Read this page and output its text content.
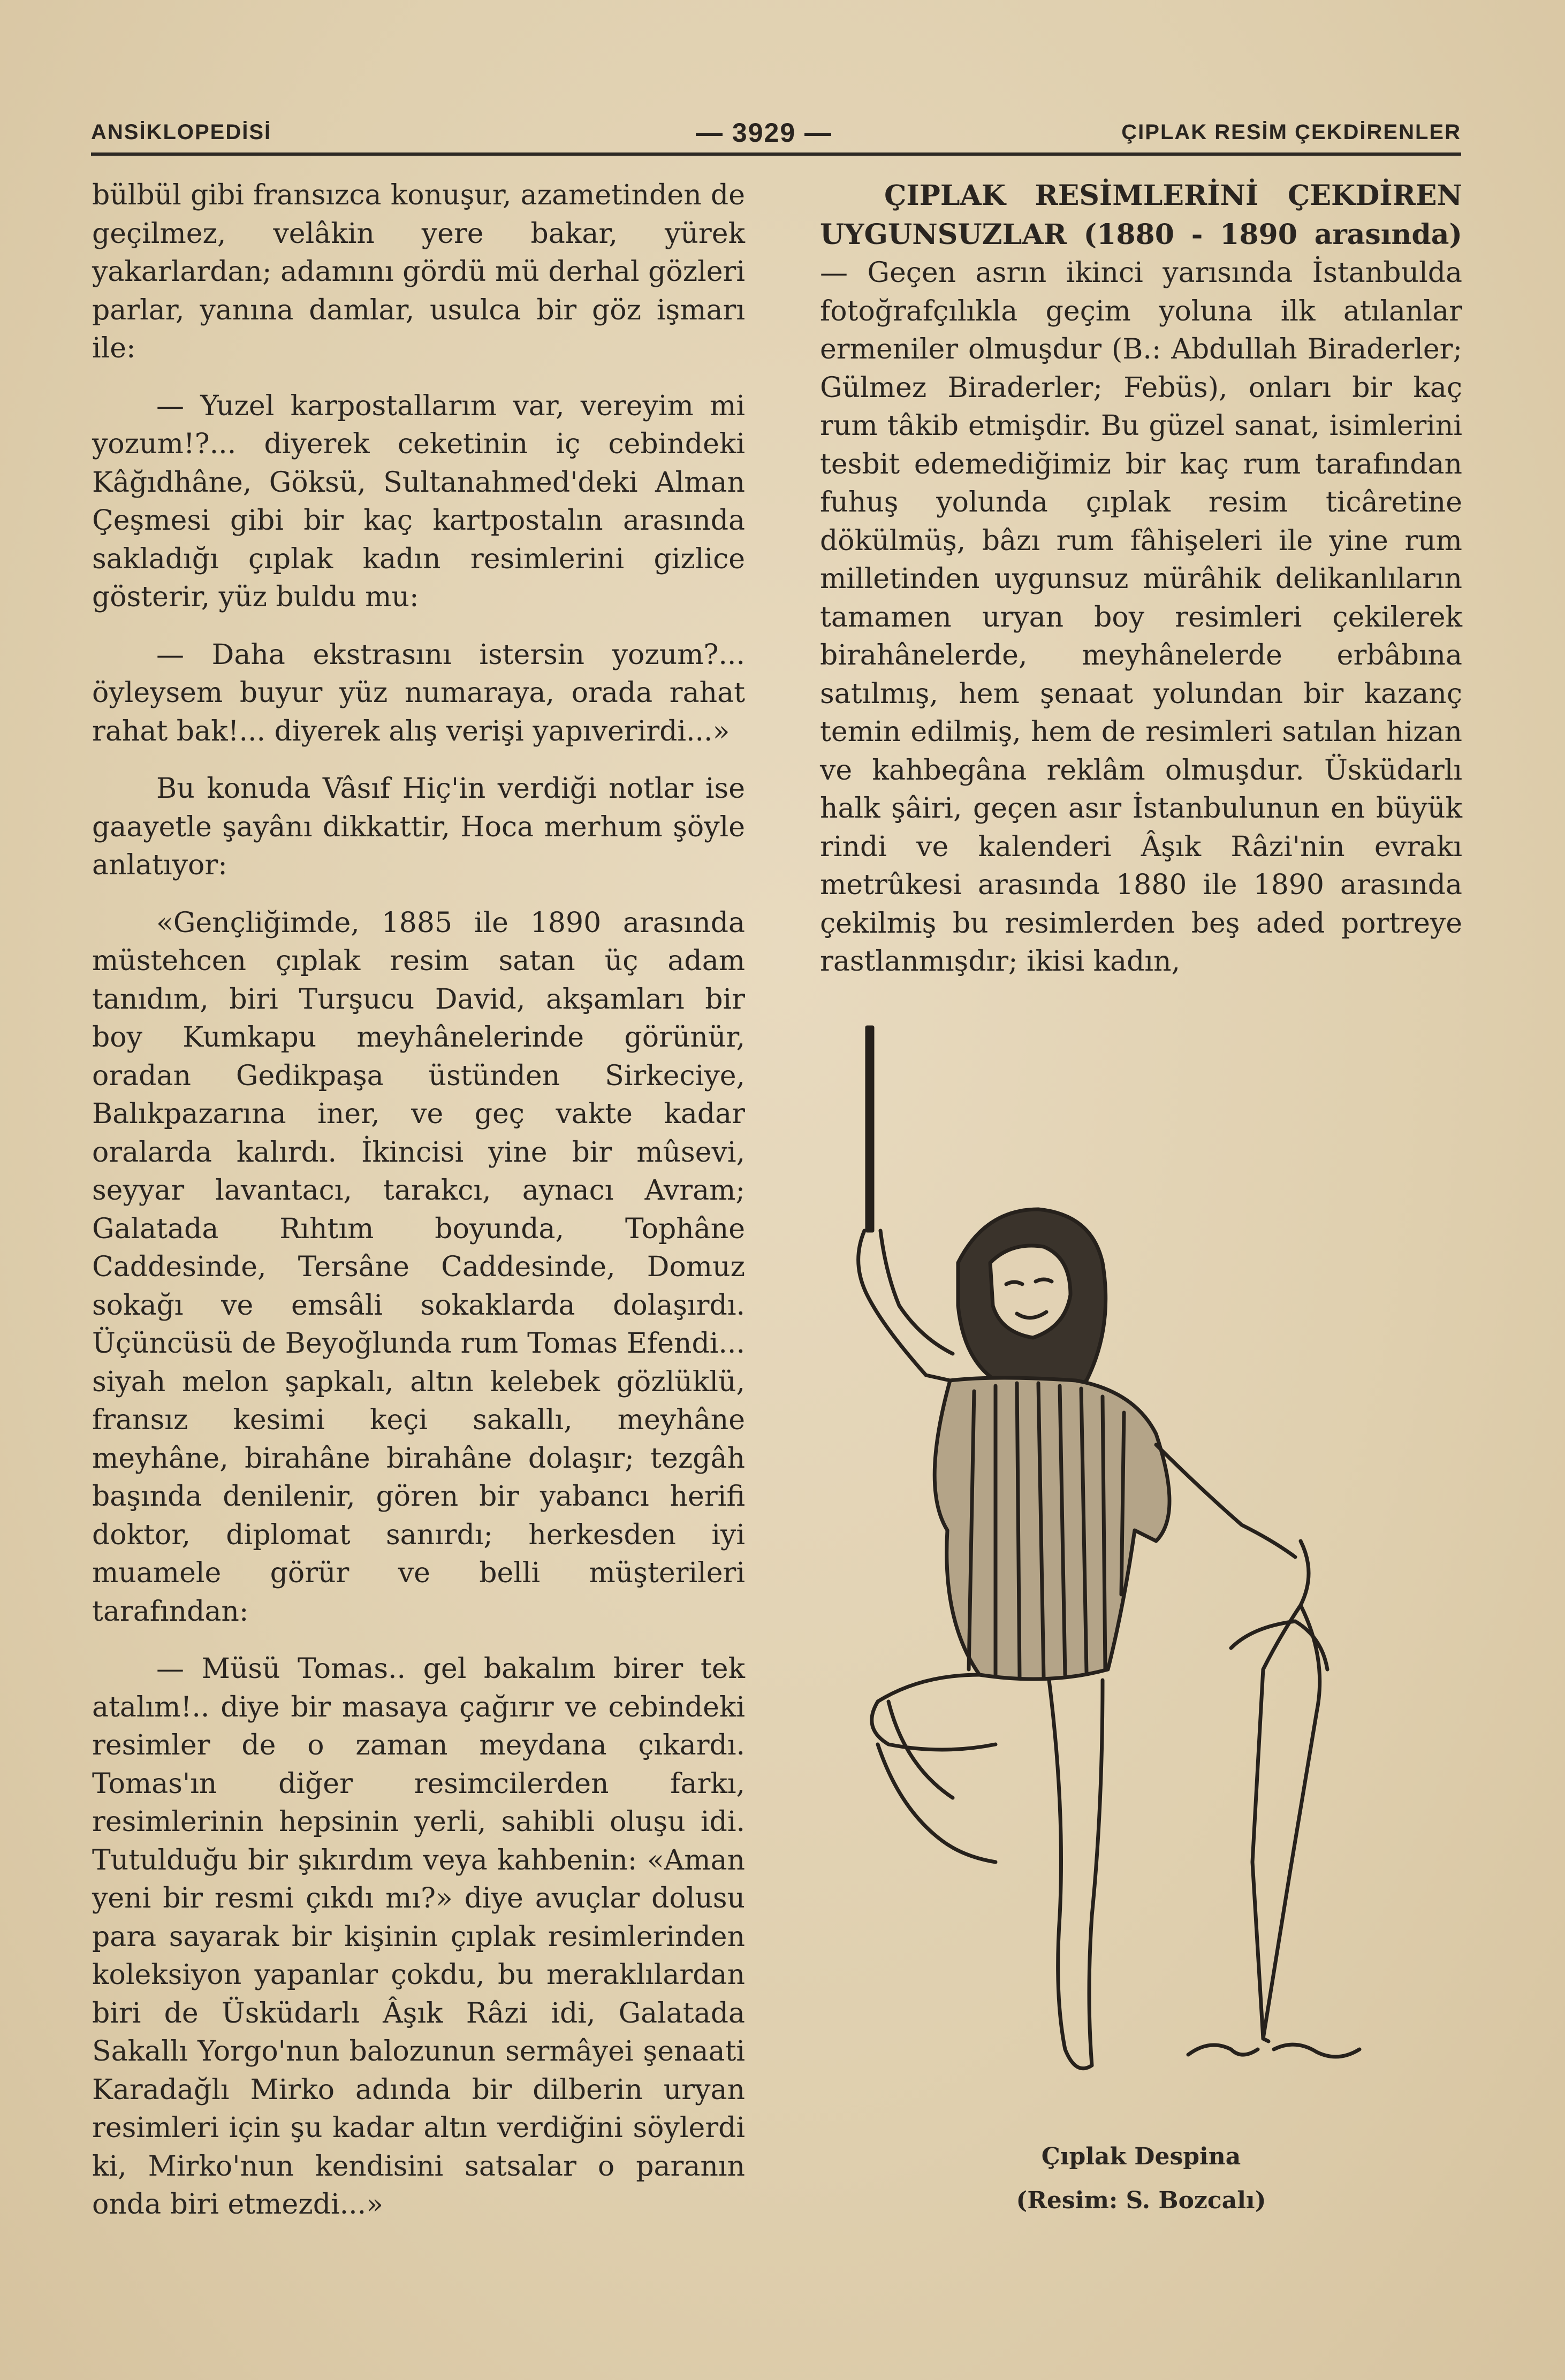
ANSİKLOPEDİSİ	— 3929 —	ÇIPLAK RESİM ÇEKDİRENLER

bülbül gibi fransızca konuşur, azametinden de geçilmez, velâkin yere bakar, yürek yakarlardan; adamını gördü mü derhal gözleri parlar, yanına damlar, usulca bir göz işmarı ile:

— Yuzel karpostallarım var, vereyim mi yozum!?... diyerek ceketinin iç cebindeki Kâğıdhâne, Göksü, Sultanahmed'deki Alman Çeşmesi gibi bir kaç kartpostalın arasında sakladığı çıplak kadın resimlerini gizlice gösterir, yüz buldu mu:

— Daha ekstrasını istersin yozum?... öyleysem buyur yüz numaraya, orada rahat rahat bak!... diyerek alış verişi yapıverirdi...»

Bu konuda Vâsıf Hiç'in verdiği notlar ise gaayetle şayânı dikkattir, Hoca merhum şöyle anlatıyor:

«Gençliğimde, 1885 ile 1890 arasında müstehcen çıplak resim satan üç adam tanıdım, biri Turşucu David, akşamları bir boy Kumkapu meyhânelerinde görünür, oradan Gedikpaşa üstünden Sirkeciye, Balıkpazarına iner, ve geç vakte kadar oralarda kalırdı. İkincisi yine bir mûsevi, seyyar lavantacı, tarakcı, aynacı Avram; Galatada Rıhtım boyunda, Tophâne Caddesinde, Tersâne Caddesinde, Domuz sokağı ve emsâli sokaklarda dolaşırdı. Üçüncüsü de Beyoğlunda rum Tomas Efendi... siyah melon şapkalı, altın kelebek gözlüklü, fransız kesimi keçi sakallı, meyhâne meyhâne, birahâne birahâne dolaşır; tezgâh başında denilenir, gören bir yabancı herifi doktor, diplomat sanırdı; herkesden iyi muamele görür ve belli müşterileri tarafından:

— Müsü Tomas.. gel bakalım birer tek atalım!.. diye bir masaya çağırır ve cebindeki resimler de o zaman meydana çıkardı. Tomas'ın diğer resimcilerden farkı, resimlerinin hepsinin yerli, sahibli oluşu idi. Tutulduğu bir şıkırdım veya kahbenin: «Aman yeni bir resmi çıkdı mı?» diye avuçlar dolusu para sayarak bir kişinin çıplak resimlerinden koleksiyon yapanlar çokdu, bu meraklılardan biri de Üsküdarlı Âşık Râzi idi, Galatada Sakallı Yorgo'nun balozunun sermâyei şenaati Karadağlı Mirko adında bir dilberin uryan resimleri için şu kadar altın verdiğini söylerdi ki, Mirko'nun kendisini satsalar o paranın onda biri etmezdi...»

ÇIPLAK RESİMLERİNİ ÇEKDİREN UYGUNSUZLAR (1880 - 1890 arasında) — Geçen asrın ikinci yarısında İstanbulda fotoğrafçılıkla geçim yoluna ilk atılanlar ermeniler olmuşdur (B.: Abdullah Biraderler; Gülmez Biraderler; Febüs), onları bir kaç rum tâkib etmişdir. Bu güzel sanat, isimlerini tesbit edemediğimiz bir kaç rum tarafından fuhuş yolunda çıplak resim ticâretine dökülmüş, bâzı rum fâhişeleri ile yine rum milletinden uygunsuz mürâhik delikanlıların tamamen uryan boy resimleri çekilerek birahânelerde, meyhânelerde erbâbına satılmış, hem şenaat yolundan bir kazanç temin edilmiş, hem de resimleri satılan hizan ve kahbegâna reklâm olmuşdur. Üsküdarlı halk şâiri, geçen asır İstanbulunun en büyük rindi ve kalenderi Âşık Râzi'nin evrakı metrûkesi arasında 1880 ile 1890 arasında çekilmiş bu resimlerden beş aded portreye rastlanmışdır; ikisi kadın,

Çıplak Despina
(Resim: S. Bozcalı)
